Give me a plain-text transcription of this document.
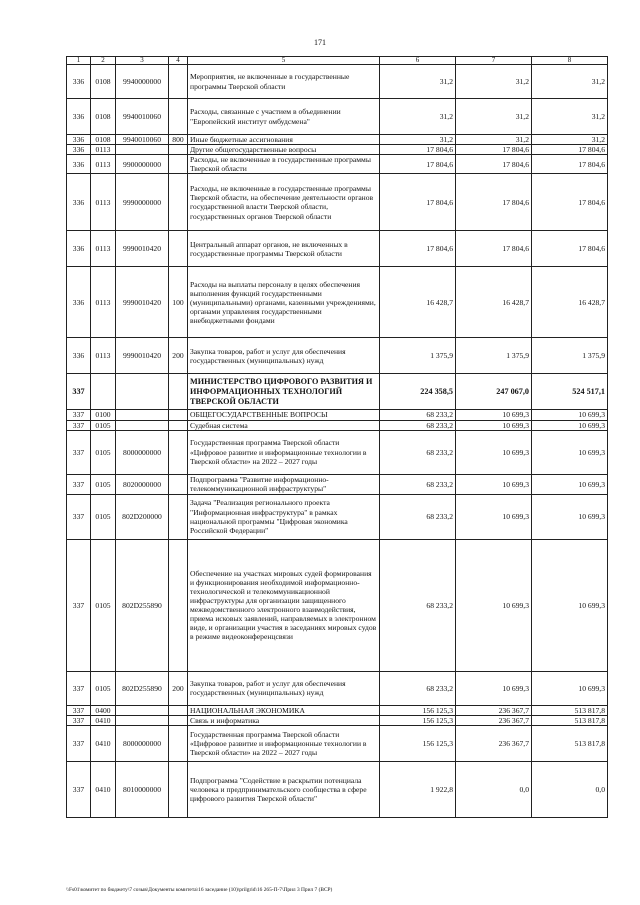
171
1	2	3	4	5	6	7	8
336	0108	9940000000		Мероприятия, не включенные в государственные программы Тверской области	31,2	31,2	31,2
336	0108	9940010060		Расходы, связанные с участием в объединении "Европейский институт омбудсмена"	31,2	31,2	31,2
336	0108	9940010060	800	Иные бюджетные ассигнования	31,2	31,2	31,2
336	0113			Другие общегосударственные вопросы	17 804,6	17 804,6	17 804,6
336	0113	9900000000		Расходы, не включенные в государственные программы Тверской области	17 804,6	17 804,6	17 804,6
336	0113	9990000000		Расходы, не включенные в государственные программы Тверской области, на обеспечение деятельности органов государственной власти Тверской области, государственных органов Тверской области	17 804,6	17 804,6	17 804,6
336	0113	9990010420		Центральный аппарат органов, не включенных в государственные программы Тверской области	17 804,6	17 804,6	17 804,6
336	0113	9990010420	100	Расходы на выплаты персоналу в целях обеспечения выполнения функций государственными (муниципальными) органами, казенными учреждениями, органами управления государственными внебюджетными фондами	16 428,7	16 428,7	16 428,7
336	0113	9990010420	200	Закупка товаров, работ и услуг для обеспечения государственных (муниципальных) нужд	1 375,9	1 375,9	1 375,9
337				МИНИСТЕРСТВО ЦИФРОВОГО РАЗВИТИЯ И ИНФОРМАЦИОННЫХ ТЕХНОЛОГИЙ ТВЕРСКОЙ ОБЛАСТИ	224 358,5	247 067,0	524 517,1
337	0100			ОБЩЕГОСУДАРСТВЕННЫЕ ВОПРОСЫ	68 233,2	10 699,3	10 699,3
337	0105			Судебная система	68 233,2	10 699,3	10 699,3
337	0105	8000000000		Государственная программа Тверской области «Цифровое развитие и информационные технологии в Тверской области» на 2022 – 2027 годы	68 233,2	10 699,3	10 699,3
337	0105	8020000000		Подпрограмма "Развитие информационно-телекоммуникационной инфраструктуры"	68 233,2	10 699,3	10 699,3
337	0105	802D200000		Задача "Реализация регионального проекта "Информационная инфраструктура" в рамках национальной программы "Цифровая экономика Российской Федерации"	68 233,2	10 699,3	10 699,3
337	0105	802D255890		Обеспечение на участках мировых судей формирования и функционирования необходимой информационно-технологической и телекоммуникационной инфраструктуры для организации защищенного межведомственного электронного взаимодействия, приема исковых заявлений, направляемых в электронном виде, и организации участия в заседаниях мировых судов в режиме видеоконференцсвязи	68 233,2	10 699,3	10 699,3
337	0105	802D255890	200	Закупка товаров, работ и услуг для обеспечения государственных (муниципальных) нужд	68 233,2	10 699,3	10 699,3
337	0400			НАЦИОНАЛЬНАЯ ЭКОНОМИКА	156 125,3	236 367,7	513 817,8
337	0410			Связь и информатика	156 125,3	236 367,7	513 817,8
337	0410	8000000000		Государственная программа Тверской области «Цифровое развитие и информационные технологии в Тверской области» на 2022 – 2027 годы	156 125,3	236 367,7	513 817,8
337	0410	8010000000		Подпрограмма "Содействие в раскрытии потенциала человека и предпринимательского сообщества в сфере цифрового развития Тверской области"	1 922,8	0,0	0,0
\\Fs01\комитет по бюджету\7 созыв\Документы комитета\16 заседание (10)\prilgrid\16 265-П-7\Прил 3 Прил 7 (ВСР)
